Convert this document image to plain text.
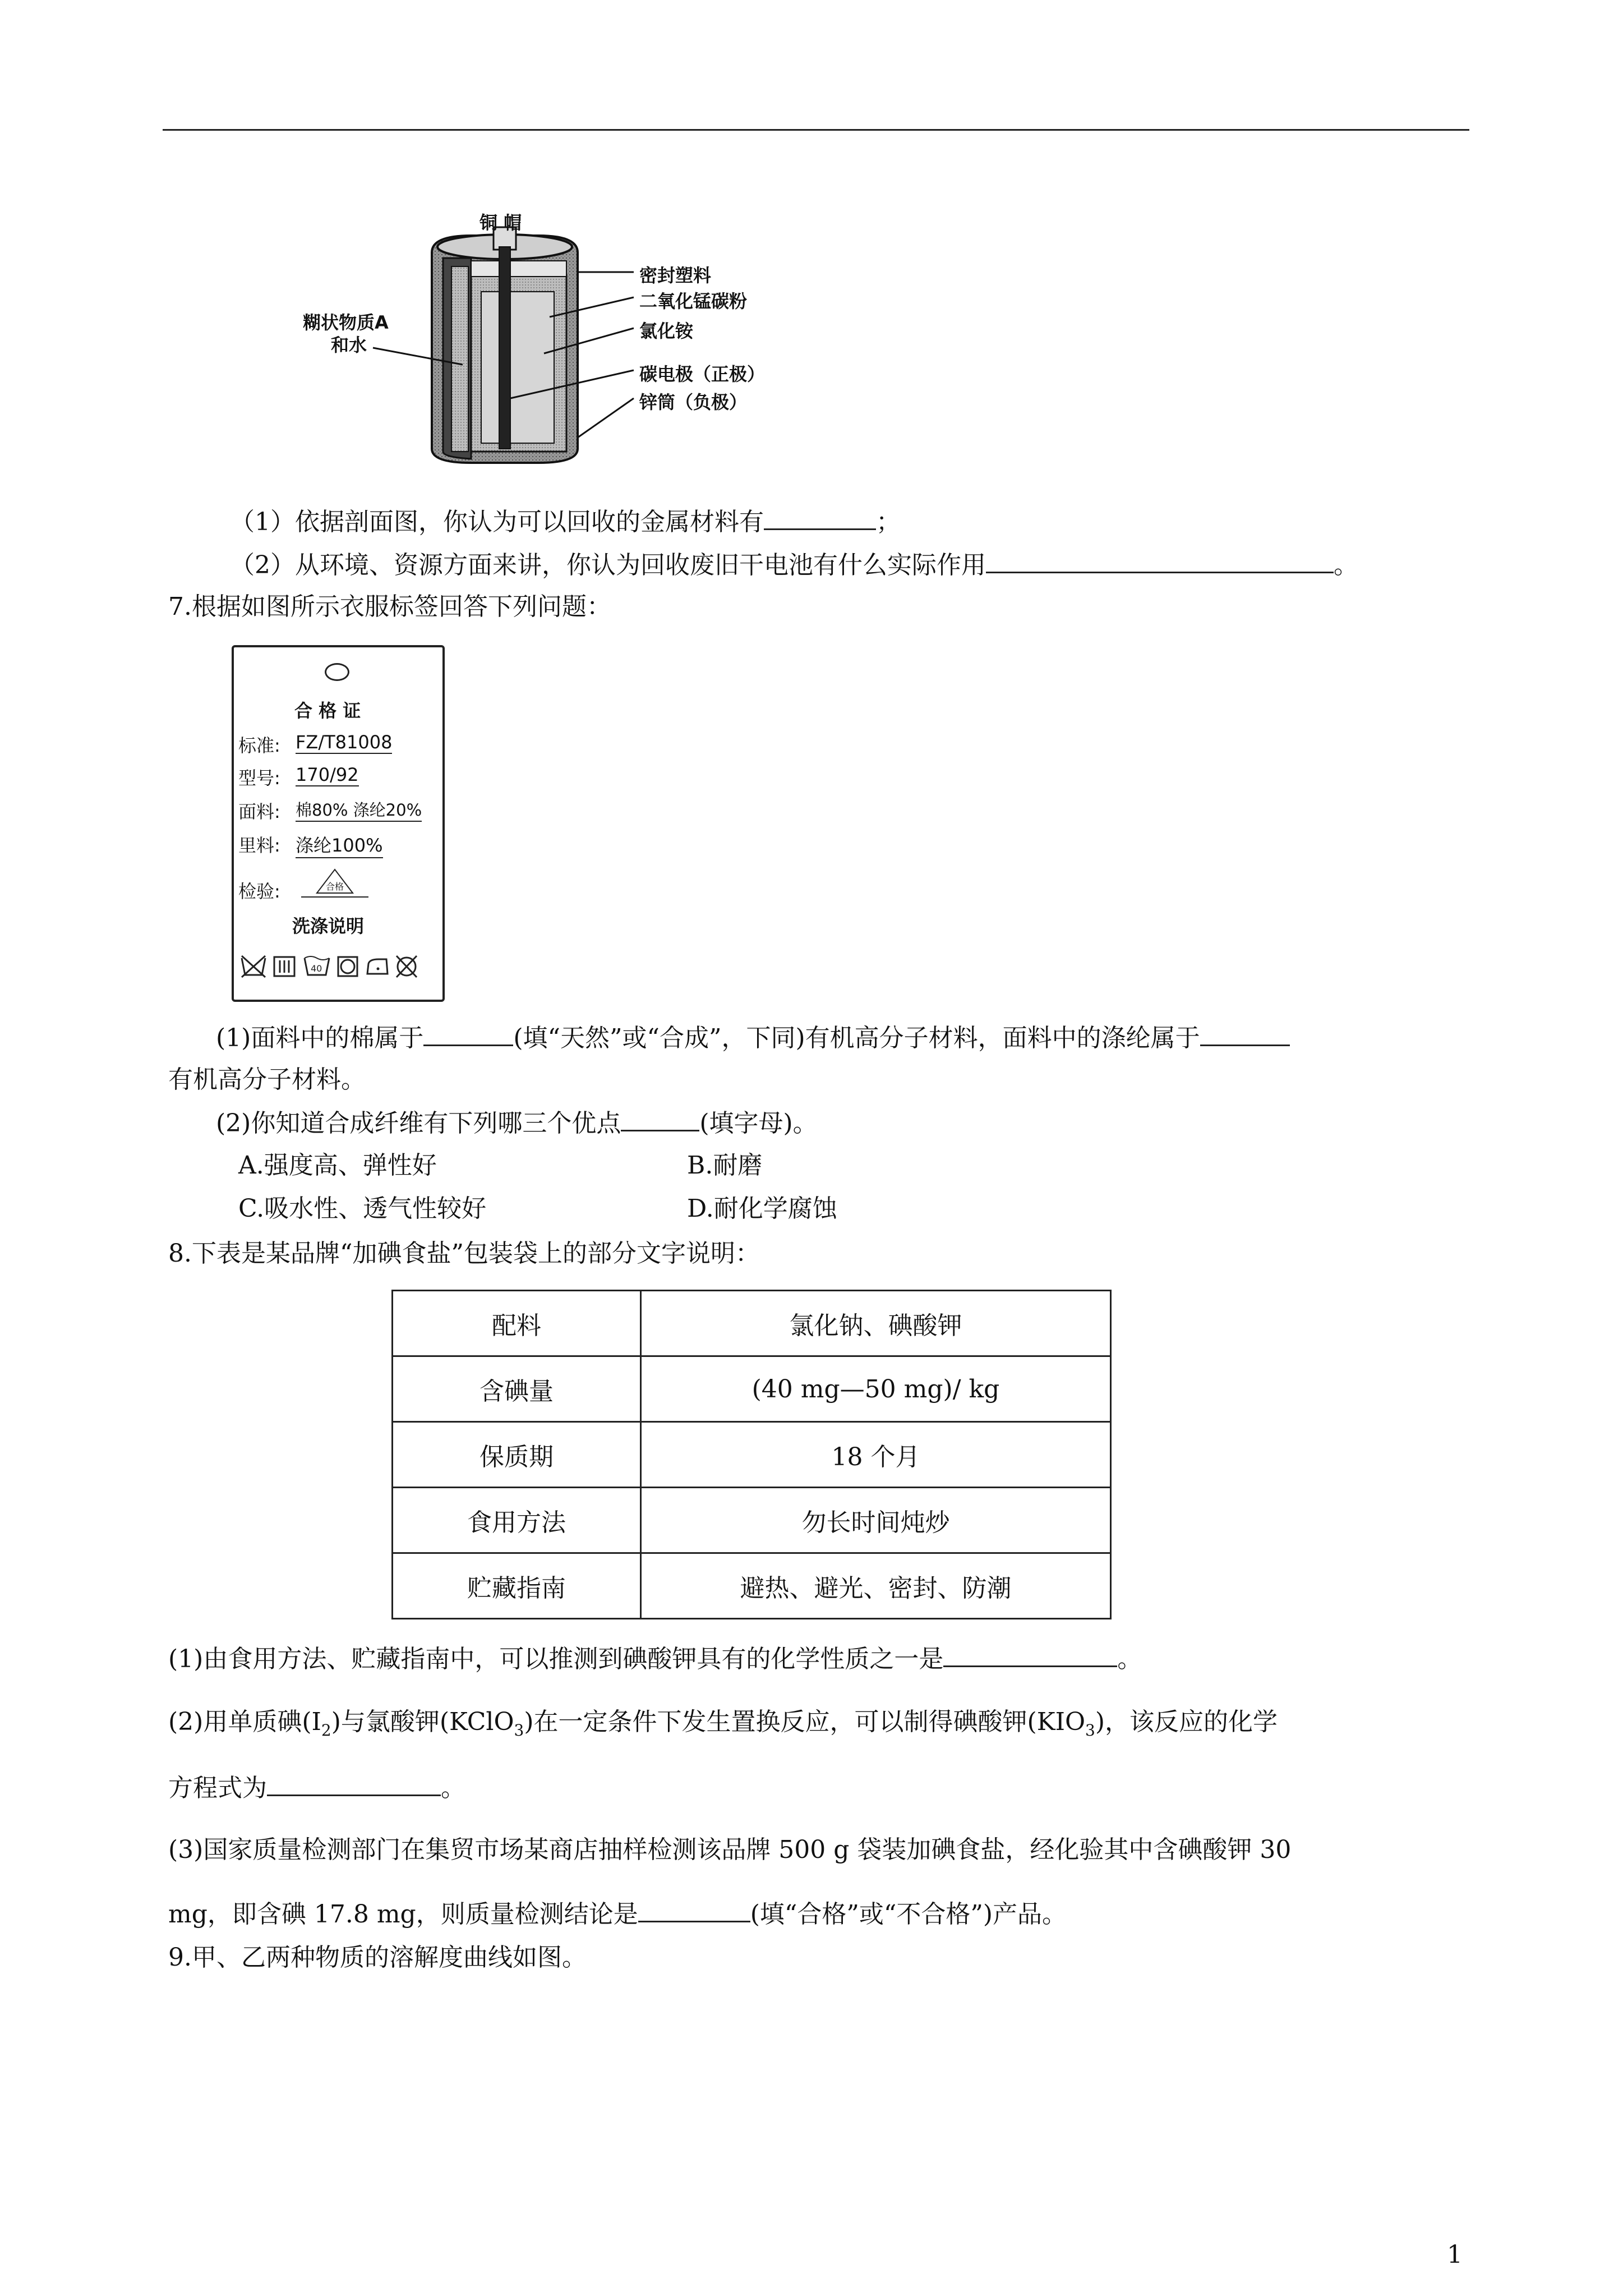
铜 帽
糊状物质A
和水
密封塑料
二氧化锰碳粉
氯化铵
碳电极（正极）
锌筒（负极）
（1）依据剖面图，你认为可以回收的金属材料有	；
（2）从环境、资源方面来讲，你认为回收废旧干电池有什么实际作用	。
7.根据如图所示衣服标签回答下列问题：
合 格 证
标准: FZ/T81008
型号: 170/92
面料: 棉80% 涤纶20%
里料: 涤纶100%
检验:	合格
洗涤说明
40
(1)面料中的棉属于	(填“天然”或“合成”，下同)有机高分子材料，面料中的涤纶属于
有机高分子材料。
(2)你知道合成纤维有下列哪三个优点	(填字母)。
A.强度高、弹性好	B.耐磨
C.吸水性、透气性较好	D.耐化学腐蚀
8.下表是某品牌“加碘食盐”包装袋上的部分文字说明：
配料	氯化钠、碘酸钾
含碘量	(40 mg—50 mg)/ kg
保质期	18 个月
食用方法	勿长时间炖炒
贮藏指南	避热、避光、密封、防潮
(1)由食用方法、贮藏指南中，可以推测到碘酸钾具有的化学性质之一是	。
(2)用单质碘$(I_2)$与氯酸钾(KClO$_3$)在一定条件下发生置换反应，可以制得碘酸钾$(KIO_3)$，该反应的化学
方程式为	。
(3)国家质量检测部门在集贸市场某商店抽样检测该品牌 500 g 袋装加碘食盐，经化验其中含碘酸钾 30
mg，即含碘 17.8 mg，则质量检测结论是	(填“合格”或“不合格”)产品。
9.甲、乙两种物质的溶解度曲线如图。
1
